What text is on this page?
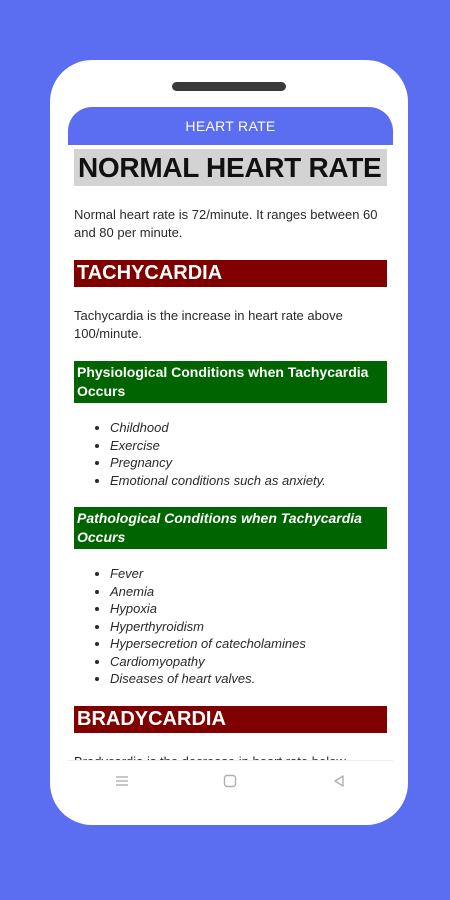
HEART RATE
NORMAL HEART RATE

Normal heart rate is 72/minute. It ranges between 60 and 80 per minute.

TACHYCARDIA

Tachycardia is the increase in heart rate above 100/minute.

Physiological Conditions when Tachycardia Occurs
• Childhood
• Exercise
• Pregnancy
• Emotional conditions such as anxiety.
Pathological Conditions when Tachycardia Occurs
• Fever
• Anemia
• Hypoxia
• Hyperthyroidism
• Hypersecretion of catecholamines
• Cardiomyopathy
• Diseases of heart valves.
BRADYCARDIA
